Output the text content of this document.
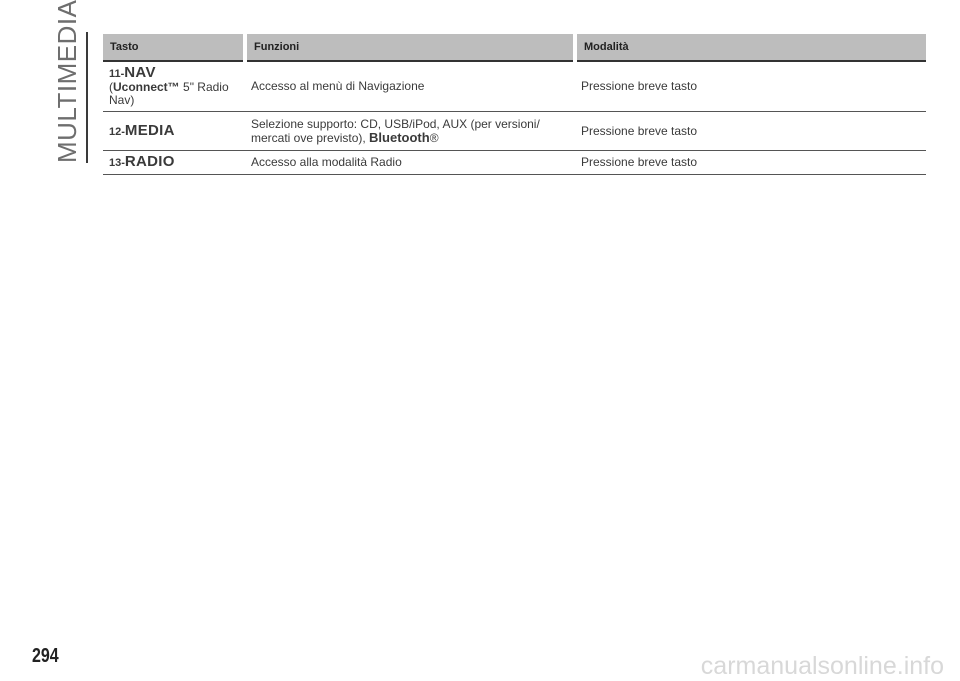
MULTIMEDIA	Tasto	Funzioni	Modalità
11-NAV
(Uconnect™ 5" Radio Nav)	Accesso al menù di Navigazione	Pressione breve tasto
12-MEDIA	Selezione supporto: CD, USB/iPod, AUX (per versioni/ mercati ove previsto), Bluetooth®	Pressione breve tasto
13-RADIO	Accesso alla modalità Radio	Pressione breve tasto
294	carmanualsonline.info
